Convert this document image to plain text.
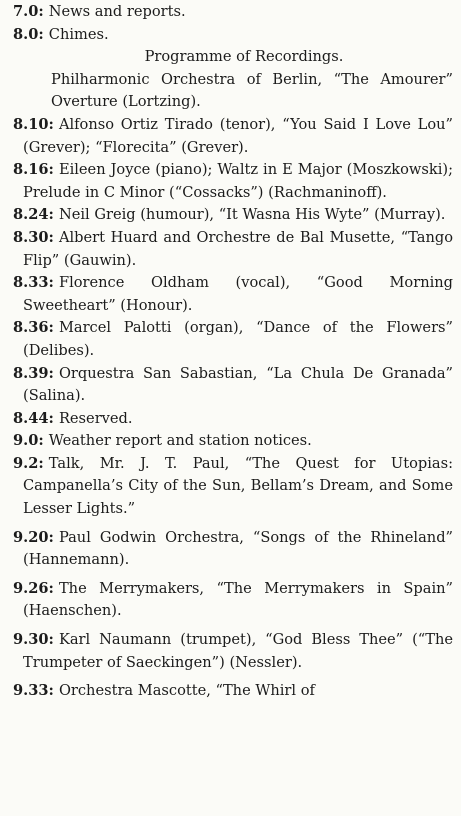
7.0: News and reports.

8.0: Chimes.

Programme of Recordings.

Philharmonic Orchestra of Berlin, “The Amourer” Overture (Lortzing).

8.10: Alfonso Ortiz Tirado (tenor), “You Said I Love Lou” (Grever); “Florecita” (Grever).

8.16: Eileen Joyce (piano); Waltz in E Major (Moszkowski); Prelude in C Minor (“Cossacks”) (Rachmaninoff).

8.24: Neil Greig (humour), “It Wasna His Wyte” (Murray).

8.30: Albert Huard and Orchestre de Bal Musette, “Tango Flip” (Gauwin).

8.33: Florence Oldham (vocal), “Good Morning Sweetheart” (Honour).

8.36: Marcel Palotti (organ), “Dance of the Flowers” (Delibes).

8.39: Orquestra San Sabastian, “La Chula De Granada” (Salina).

8.44: Reserved.

9.0: Weather report and station notices.

9.2: Talk, Mr. J. T. Paul, “The Quest for Utopias: Campanella’s City of the Sun, Bellam’s Dream, and Some Lesser Lights.”

9.20: Paul Godwin Orchestra, “Songs of the Rhineland” (Hannemann).

9.26: The Merrymakers, “The Merrymakers in Spain” (Haenschen).

9.30: Karl Naumann (trumpet), “God Bless Thee” (“The Trumpeter of Saeckingen”) (Nessler).

9.33: Orchestra Mascotte, “The Whirl of
